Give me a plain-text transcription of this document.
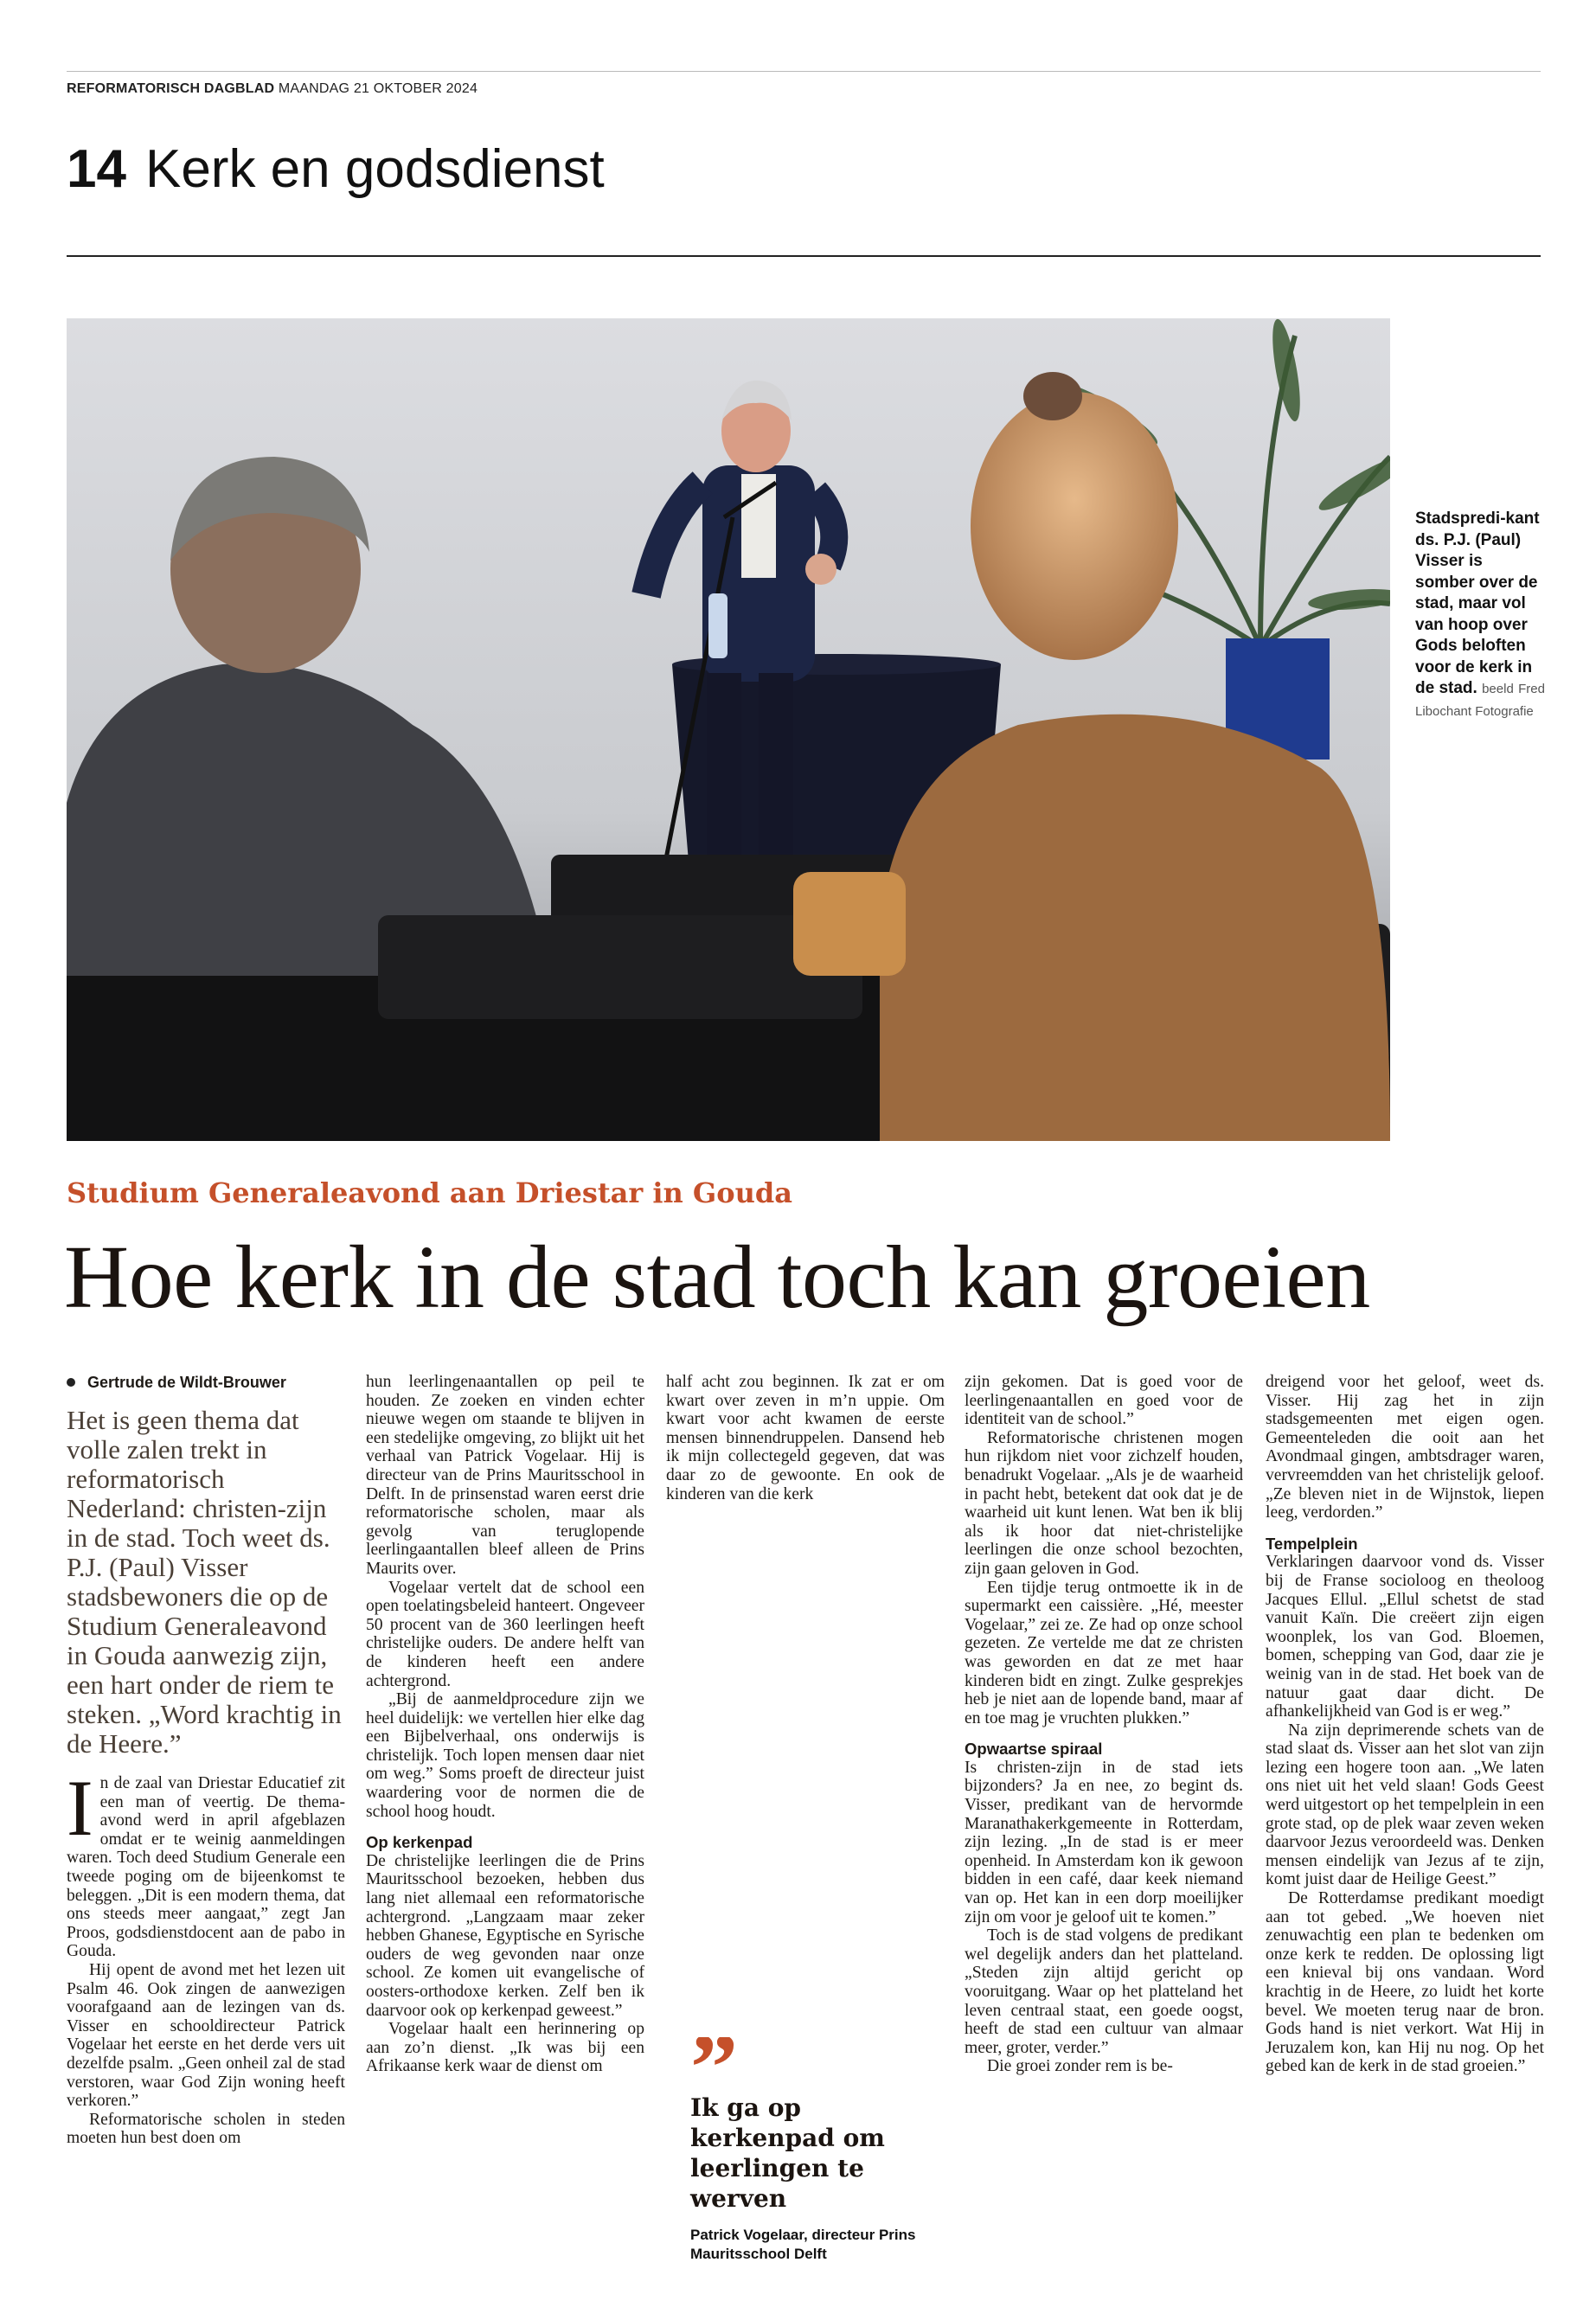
REFORMATORISCH DAGBLAD MAANDAG 21 OKTOBER 2024
14 Kerk en godsdienst
Stadspredi-kant ds. P.J. (Paul) Visser is somber over de stad, maar vol van hoop over Gods beloften voor de kerk in de stad. beeld Fred Libochant Fotografie
Studium Generaleavond aan Driestar in Gouda
Hoe kerk in de stad toch kan groeien
Gertrude de Wildt-Brouwer

Het is geen thema dat volle zalen trekt in reformatorisch Nederland: christen-zijn in de stad. Toch weet ds. P.J. (Paul) Visser stadsbewoners die op de Studium Generaleavond in Gouda aanwezig zijn, een hart onder de riem te steken. „Word krachtig in de Heere.”

I n de zaal van Driestar Educatief zit een man of veertig. De thema-avond werd in april afgeblazen omdat er te weinig aanmeldingen waren. Toch deed Studium Generale een tweede poging om de bijeenkomst te beleggen. „Dit is een modern thema, dat ons steeds meer aangaat,” zegt Jan Proos, godsdienstdocent aan de pabo in Gouda.

Hij opent de avond met het lezen uit Psalm 46. Ook zingen de aanwezigen voorafgaand aan de lezingen van ds. Visser en schooldirecteur Patrick Vogelaar het eerste en het derde vers uit dezelfde psalm. „Geen onheil zal de stad verstoren, waar God Zijn woning heeft verkoren.”

Reformatorische scholen in steden moeten hun best doen om

hun leerlingenaantallen op peil te houden. Ze zoeken en vinden echter nieuwe wegen om staande te blijven in een stedelijke omgeving, zo blijkt uit het verhaal van Patrick Vogelaar. Hij is directeur van de Prins Mauritsschool in Delft. In de prinsenstad waren eerst drie reformatorische scholen, maar als gevolg van teruglopende leerlingaantallen bleef alleen de Prins Maurits over.

Vogelaar vertelt dat de school een open toelatingsbeleid hanteert. Ongeveer 50 procent van de 360 leerlingen heeft christelijke ouders. De andere helft van de kinderen heeft een andere achtergrond.

„Bij de aanmeldprocedure zijn we heel duidelijk: we vertellen hier elke dag een Bijbelverhaal, ons onderwijs is christelijk. Toch lopen mensen daar niet om weg.” Soms proeft de directeur juist waardering voor de normen die de school hoog houdt.

Op kerkenpad

De christelijke leerlingen die de Prins Mauritsschool bezoeken, hebben dus lang niet allemaal een reformatorische achtergrond. „Langzaam maar zeker hebben Ghanese, Egyptische en Syrische ouders de weg gevonden naar onze school. Ze komen uit evangelische of oosters-orthodoxe kerken. Zelf ben ik daarvoor ook op kerkenpad geweest.”

Vogelaar haalt een herinnering op aan zo’n dienst. „Ik was bij een Afrikaanse kerk waar de dienst om

half acht zou beginnen. Ik zat er om kwart over zeven in m’n uppie. Om kwart voor acht kwamen de eerste mensen binnendruppelen. Dansend heb ik mijn collectegeld gegeven, dat was daar zo de gewoonte. En ook de kinderen van die kerk

Ik ga op kerkenpad om leerlingen te werven
Patrick Vogelaar, directeur Prins Mauritsschool Delft

zijn gekomen. Dat is goed voor de leerlingenaantallen en goed voor de identiteit van de school.”

Reformatorische christenen mogen hun rijkdom niet voor zichzelf houden, benadrukt Vogelaar. „Als je de waarheid in pacht hebt, betekent dat ook dat je de waarheid uit kunt lenen. Wat ben ik blij als ik hoor dat niet-christelijke leerlingen die onze school bezochten, zijn gaan geloven in God.

Een tijdje terug ontmoette ik in de supermarkt een caissière. „Hé, meester Vogelaar,” zei ze. Ze had op onze school gezeten. Ze vertelde me dat ze christen was geworden en dat ze met haar kinderen bidt en zingt. Zulke gesprekjes heb je niet aan de lopende band, maar af en toe mag je vruchten plukken.”

Opwaartse spiraal

Is christen-zijn in de stad iets bijzonders? Ja en nee, zo begint ds. Visser, predikant van de hervormde Maranathakerkgemeente in Rotterdam, zijn lezing. „In de stad is er meer openheid. In Amsterdam kon ik gewoon bidden in een café, daar keek niemand van op. Het kan in een dorp moeilijker zijn om voor je geloof uit te komen.”

Toch is de stad volgens de predikant wel degelijk anders dan het platteland. „Steden zijn altijd gericht op vooruitgang. Waar op het platteland het leven centraal staat, een goede oogst, heeft de stad een cultuur van almaar meer, groter, verder.”

Die groei zonder rem is be-

dreigend voor het geloof, weet ds. Visser. Hij zag het in zijn stadsgemeenten met eigen ogen. Gemeenteleden die ooit aan het Avondmaal gingen, ambtsdrager waren, vervreemdden van het christelijk geloof. „Ze bleven niet in de Wijnstok, liepen leeg, verdorden.”

Tempelplein

Verklaringen daarvoor vond ds. Visser bij de Franse socioloog en theoloog Jacques Ellul. „Ellul schetst de stad vanuit Kaïn. Die creëert zijn eigen woonplek, los van God. Bloemen, bomen, schepping van God, daar zie je weinig van in de stad. Het boek van de natuur gaat daar dicht. De afhankelijkheid van God is er weg.”

Na zijn deprimerende schets van de stad slaat ds. Visser aan het slot van zijn lezing een hogere toon aan. „We laten ons niet uit het veld slaan! Gods Geest werd uitgestort op het tempelplein in een grote stad, op de plek waar zeven weken daarvoor Jezus veroordeeld was. Denken mensen eindelijk van Jezus af te zijn, komt juist daar de Heilige Geest.”

De Rotterdamse predikant moedigt aan tot gebed. „We hoeven niet zenuwachtig een plan te bedenken om onze kerk te redden. De oplossing ligt een knieval bij ons vandaan. Word krachtig in de Heere, zo luidt het korte bevel. We moeten terug naar de bron. Gods hand is niet verkort. Wat Hij in Jeruzalem kon, kan Hij nu nog. Op het gebed kan de kerk in de stad groeien.”
